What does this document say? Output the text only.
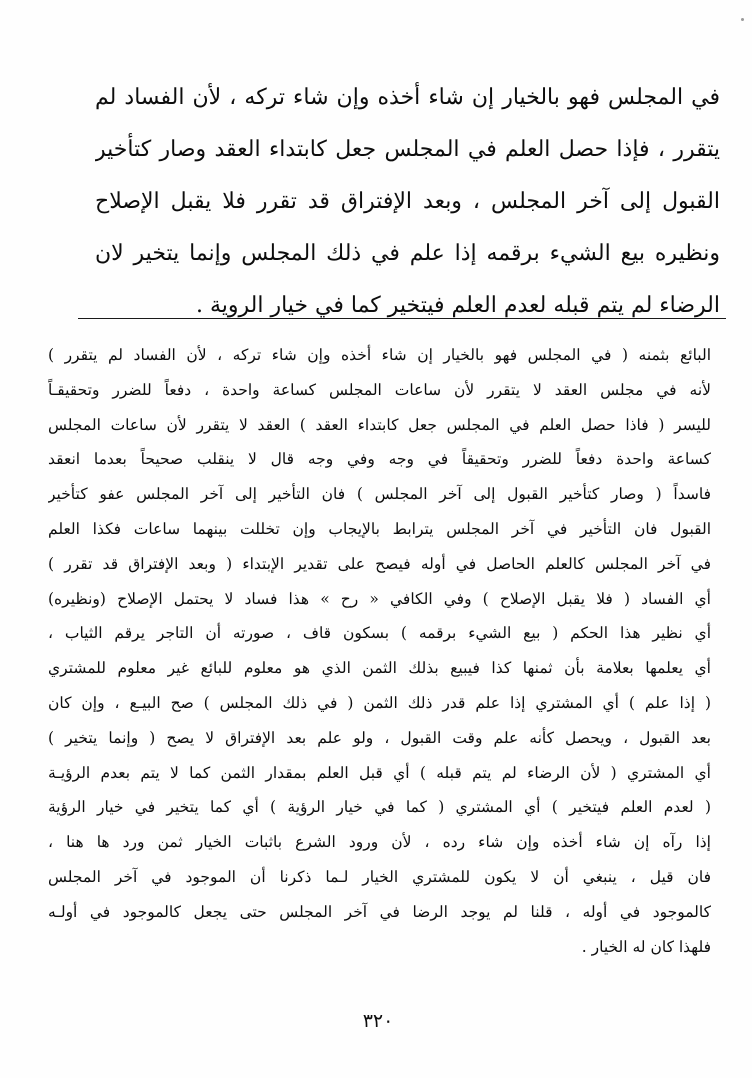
في المجلس فهو بالخيار إن شاء أخذه وإن شاء تركه ، لأن الفساد لم
يتقرر ، فإذا حصل العلم في المجلس جعل كابتداء العقد وصار كتأخير
القبول إلى آخر المجلس ، وبعد الإفتراق قد تقرر فلا يقبل الإصلاح
ونظيره بيع الشيء برقمه إذا علم في ذلك المجلس وإنما يتخير لان
الرضاء لم يتم قبله لعدم العلم فيتخير كما في خيار الروية .
البائع بثمنه ( في المجلس فهو بالخيار إن شاء أخذه وإن شاء تركه ، لأن الفساد لم يتقرر )
لأنه في مجلس العقد لا يتقرر لأن ساعات المجلس كساعة واحدة ، دفعاً للضرر وتحقيقـاً
لليسر ( فاذا حصل العلم في المجلس جعل كابتداء العقد ) العقد لا يتقرر لأن ساعات المجلس
كساعة واحدة دفعاً للضرر وتحقيقاً في وجه وفي وجه قال لا ينقلب صحيحاً بعدما انعقد
فاسداً ( وصار كتأخير القبول إلى آخر المجلس ) فان التأخير إلى آخر المجلس عفو كتأخير
القبول فان التأخير في آخر المجلس يترابط بالإيجاب وإن تخللت بينهما ساعات فكذا العلم
في آخر المجلس كالعلم الحاصل في أوله فيصح على تقدير الإبتداء ( وبعد الإفتراق قد تقرر )
أي الفساد ( فلا يقبل الإصلاح ) وفي الكافي « رح » هذا فساد لا يحتمل الإصلاح (ونظيره)
أي نظير هذا الحكم ( بيع الشيء برقمه ) بسكون قاف ، صورته أن التاجر يرقم الثياب ،
أي يعلمها بعلامة بأن ثمنها كذا فيبيع بذلك الثمن الذي هو معلوم للبائع غير معلوم للمشتري
( إذا علم ) أي المشتري إذا علم قدر ذلك الثمن ( في ذلك المجلس ) صح البيـع ، وإن كان
بعد القبول ، ويحصل كأنه علم وقت القبول ، ولو علم بعد الإفتراق لا يصح ( وإنما يتخير )
أي المشتري ( لأن الرضاء لم يتم قبله ) أي قبل العلم بمقدار الثمن كما لا يتم بعدم الرؤيـة
( لعدم العلم فيتخير ) أي المشتري ( كما في خيار الرؤية ) أي كما يتخير في خيار الرؤية
إذا رآه إن شاء أخذه وإن شاء رده ، لأن ورود الشرع باثبات الخيار ثمن ورد ها هنا ،
فان قيل ، ينبغي أن لا يكون للمشتري الخيار لـما ذكرنا أن الموجود في آخر المجلس
كالموجود في أوله ، قلنا لم يوجد الرضا في آخر المجلس حتى يجعل كالموجود في أولـه
فلهذا كان له الخيار .
٣٢٠
